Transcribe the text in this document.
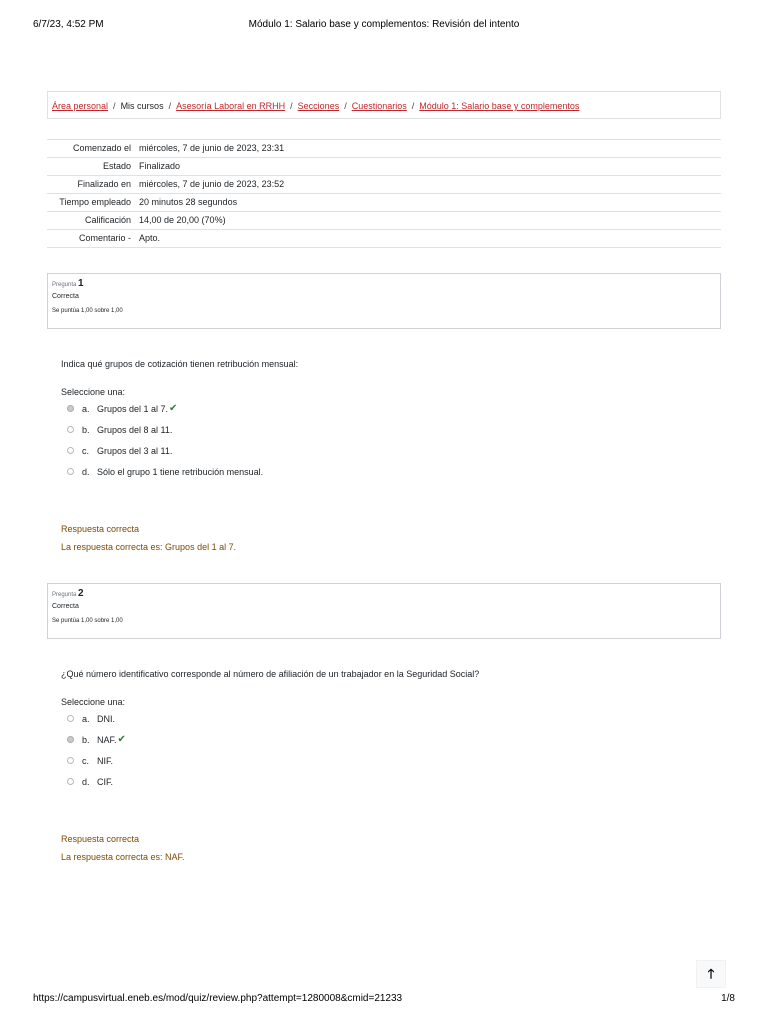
6/7/23, 4:52 PM	Módulo 1: Salario base y complementos: Revisión del intento
Área personal / Mis cursos / Asesoría Laboral en RRHH / Secciones / Cuestionarios / Módulo 1: Salario base y complementos
Comenzado el	miércoles, 7 de junio de 2023, 23:31
Estado	Finalizado
Finalizado en	miércoles, 7 de junio de 2023, 23:52
Tiempo empleado	20 minutos 28 segundos
Calificación	14,00 de 20,00 (70%)
Comentario -	Apto.
Pregunta 1
Correcta
Se puntúa 1,00 sobre 1,00

Indica qué grupos de cotización tienen retribución mensual:

Seleccione una:
a. Grupos del 1 al 7. ✔
b. Grupos del 8 al 11.
c. Grupos del 3 al 11.
d. Sólo el grupo 1 tiene retribución mensual.
Respuesta correcta
La respuesta correcta es: Grupos del 1 al 7.
Pregunta 2
Correcta
Se puntúa 1,00 sobre 1,00

¿Qué número identificativo corresponde al número de afiliación de un trabajador en la Seguridad Social?

Seleccione una:
a. DNI.
b. NAF. ✔
c. NIF.
d. CIF.
Respuesta correcta
La respuesta correcta es: NAF.
🡑
https://campusvirtual.eneb.es/mod/quiz/review.php?attempt=1280008&cmid=21233	1/8
